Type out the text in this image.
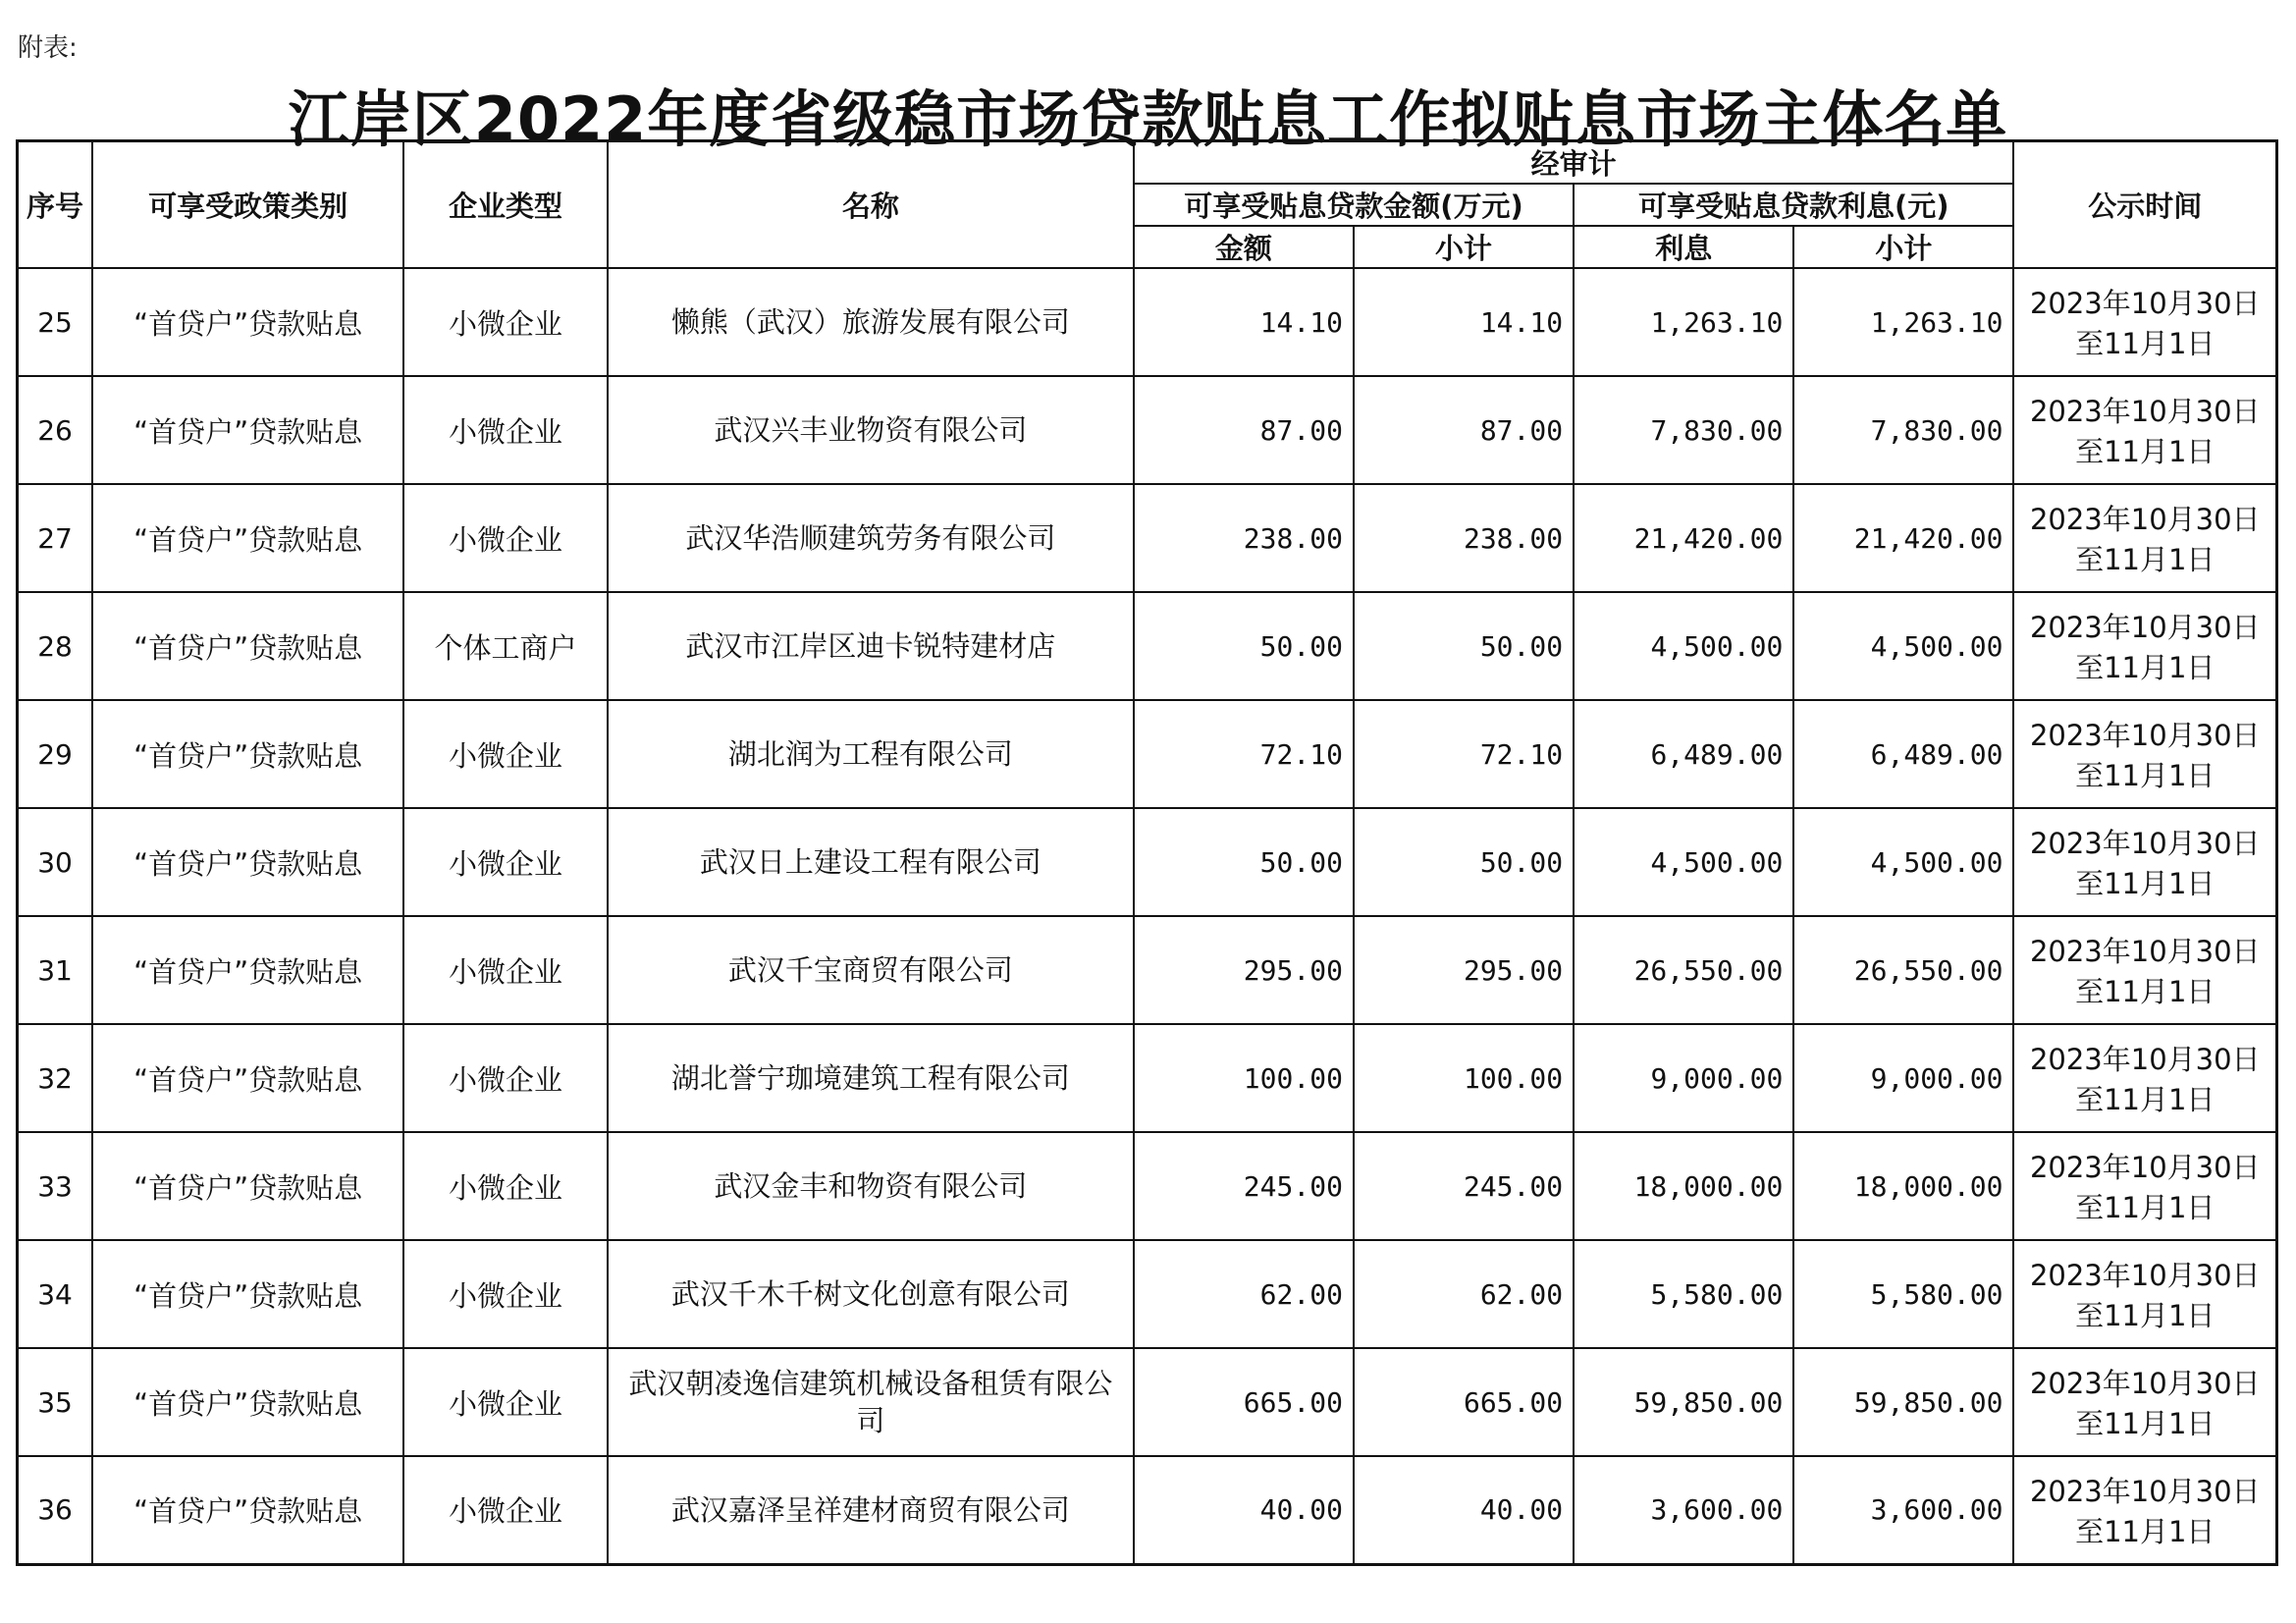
附表:
江岸区2022年度省级稳市场贷款贴息工作拟贴息市场主体名单
序号	可享受政策类别	企业类型	名称	经审计				公示时间
				可享受贴息贷款金额(万元)		可享受贴息贷款利息(元)		
				金额	小计	利息	小计	
25	“首贷户”贷款贴息	小微企业	懒熊（武汉）旅游发展有限公司	14.10	14.10	1,263.10	1,263.10	2023年10月30日至11月1日
26	“首贷户”贷款贴息	小微企业	武汉兴丰业物资有限公司	87.00	87.00	7,830.00	7,830.00	2023年10月30日至11月1日
27	“首贷户”贷款贴息	小微企业	武汉华浩顺建筑劳务有限公司	238.00	238.00	21,420.00	21,420.00	2023年10月30日至11月1日
28	“首贷户”贷款贴息	个体工商户	武汉市江岸区迪卡锐特建材店	50.00	50.00	4,500.00	4,500.00	2023年10月30日至11月1日
29	“首贷户”贷款贴息	小微企业	湖北润为工程有限公司	72.10	72.10	6,489.00	6,489.00	2023年10月30日至11月1日
30	“首贷户”贷款贴息	小微企业	武汉日上建设工程有限公司	50.00	50.00	4,500.00	4,500.00	2023年10月30日至11月1日
31	“首贷户”贷款贴息	小微企业	武汉千宝商贸有限公司	295.00	295.00	26,550.00	26,550.00	2023年10月30日至11月1日
32	“首贷户”贷款贴息	小微企业	湖北誉宁珈境建筑工程有限公司	100.00	100.00	9,000.00	9,000.00	2023年10月30日至11月1日
33	“首贷户”贷款贴息	小微企业	武汉金丰和物资有限公司	245.00	245.00	18,000.00	18,000.00	2023年10月30日至11月1日
34	“首贷户”贷款贴息	小微企业	武汉千木千树文化创意有限公司	62.00	62.00	5,580.00	5,580.00	2023年10月30日至11月1日
35	“首贷户”贷款贴息	小微企业	武汉朝凌逸信建筑机械设备租赁有限公司	665.00	665.00	59,850.00	59,850.00	2023年10月30日至11月1日
36	“首贷户”贷款贴息	小微企业	武汉嘉泽呈祥建材商贸有限公司	40.00	40.00	3,600.00	3,600.00	2023年10月30日至11月1日
